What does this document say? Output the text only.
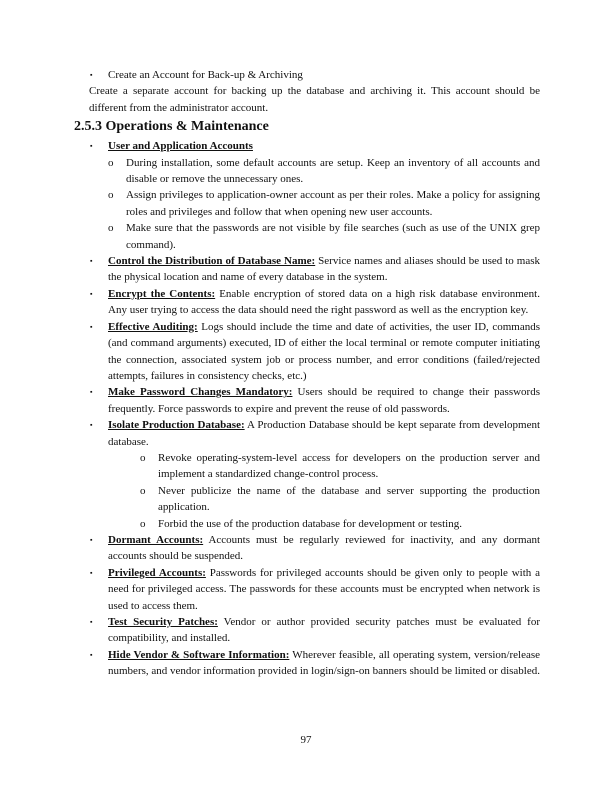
▪ Create an Account for Back-up & Archiving

Create a separate account for backing up the database and archiving it. This account should be different from the administrator account.

2.5.3 Operations & Maintenance
▪ User and Application Accounts
o During installation, some default accounts are setup. Keep an inventory of all accounts and disable or remove the unnecessary ones.
o Assign privileges to application-owner account as per their roles. Make a policy for assigning roles and privileges and follow that when opening new user accounts.
o Make sure that the passwords are not visible by file searches (such as use of the UNIX grep command).
▪ Control the Distribution of Database Name: Service names and aliases should be used to mask the physical location and name of every database in the system.
▪ Encrypt the Contents: Enable encryption of stored data on a high risk database environment. Any user trying to access the data should need the right password as well as the encryption key.
▪ Effective Auditing: Logs should include the time and date of activities, the user ID, commands (and command arguments) executed, ID of either the local terminal or remote computer initiating the connection, associated system job or process number, and error conditions (failed/rejected attempts, failures in consistency checks, etc.)
▪ Make Password Changes Mandatory: Users should be required to change their passwords frequently. Force passwords to expire and prevent the reuse of old passwords.
▪ Isolate Production Database: A Production Database should be kept separate from development database.
o Revoke operating-system-level access for developers on the production server and implement a standardized change-control process.
o Never publicize the name of the database and server supporting the production application.
o Forbid the use of the production database for development or testing.
▪ Dormant Accounts: Accounts must be regularly reviewed for inactivity, and any dormant accounts should be suspended.
▪ Privileged Accounts: Passwords for privileged accounts should be given only to people with a need for privileged access. The passwords for these accounts must be encrypted when network is used to access them.
▪ Test Security Patches: Vendor or author provided security patches must be evaluated for compatibility, and installed.
▪ Hide Vendor & Software Information: Wherever feasible, all operating system, version/release numbers, and vendor information provided in login/sign-on banners should be limited or disabled.
97
